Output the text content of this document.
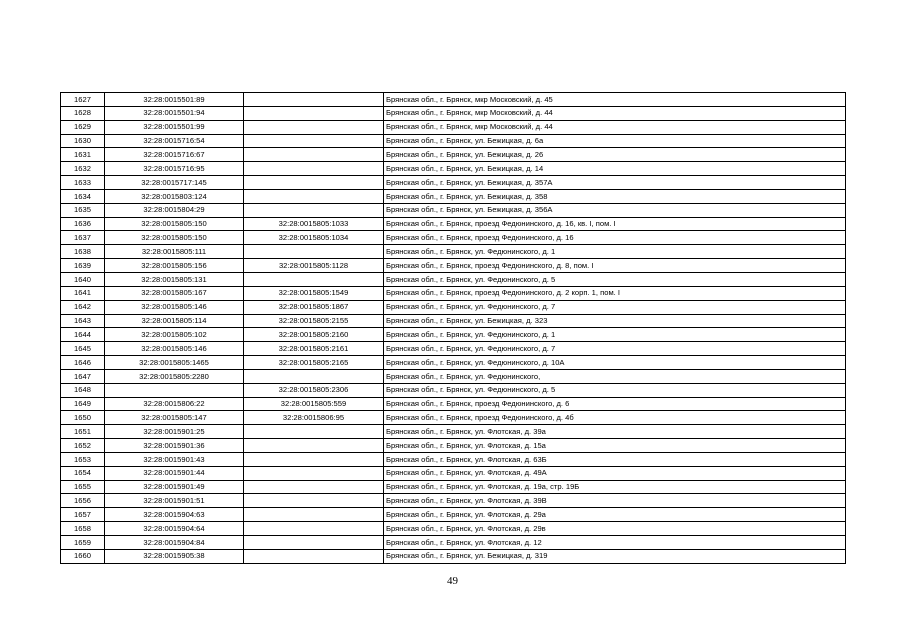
1627	32:28:0015501:89		Брянская обл., г. Брянск, мкр Московский, д. 45
1628	32:28:0015501:94		Брянская обл., г. Брянск, мкр Московский, д. 44
1629	32:28:0015501:99		Брянская обл., г. Брянск, мкр Московский, д. 44
1630	32:28:0015716:54		Брянская обл., г. Брянск, ул. Бежицкая, д. 6а
1631	32:28:0015716:67		Брянская обл., г. Брянск, ул. Бежицкая, д. 26
1632	32:28:0015716:95		Брянская обл., г. Брянск, ул. Бежицкая, д. 14
1633	32:28:0015717:145		Брянская обл., г. Брянск, ул. Бежицкая, д. 357А
1634	32:28:0015803:124		Брянская обл., г. Брянск, ул. Бежицкая, д. 358
1635	32:28:0015804:29		Брянская обл., г. Брянск, ул. Бежицкая, д. 356А
1636	32:28:0015805:150	32:28:0015805:1033	Брянская обл., г. Брянск, проезд Федюнинского, д. 16, кв. I, пом. I
1637	32:28:0015805:150	32:28:0015805:1034	Брянская обл., г. Брянск, проезд Федюнинского, д. 16
1638	32:28:0015805:111		Брянская обл., г. Брянск, ул. Федюнинского, д. 1
1639	32:28:0015805:156	32:28:0015805:1128	Брянская обл., г. Брянск, проезд Федюнинского, д. 8, пом. I
1640	32:28:0015805:131		Брянская обл., г. Брянск, ул. Федюнинского, д. 5
1641	32:28:0015805:167	32:28:0015805:1549	Брянская обл., г. Брянск, проезд Федюнинского, д. 2 корп. 1, пом. I
1642	32:28:0015805:146	32:28:0015805:1867	Брянская обл., г. Брянск, ул. Федюнинского, д. 7
1643	32:28:0015805:114	32:28:0015805:2155	Брянская обл., г. Брянск, ул. Бежицкая, д. 323
1644	32:28:0015805:102	32:28:0015805:2160	Брянская обл., г. Брянск, ул. Федюнинского, д. 1
1645	32:28:0015805:146	32:28:0015805:2161	Брянская обл., г. Брянск, ул. Федюнинского, д. 7
1646	32:28:0015805:1465	32:28:0015805:2165	Брянская обл., г. Брянск, ул. Федюнинского, д. 10А
1647	32:28:0015805:2280		Брянская обл., г. Брянск, ул. Федюнинского,
1648		32:28:0015805:2306	Брянская обл., г. Брянск, ул. Федюнинского, д. 5
1649	32:28:0015806:22	32:28:0015805:559	Брянская обл., г. Брянск, проезд Федюнинского, д. 6
1650	32:28:0015805:147	32:28:0015806:95	Брянская обл., г. Брянск, проезд Федюнинского, д. 4б
1651	32:28:0015901:25		Брянская обл., г. Брянск, ул. Флотская, д. 39а
1652	32:28:0015901:36		Брянская обл., г. Брянск, ул. Флотская, д. 15а
1653	32:28:0015901:43		Брянская обл., г. Брянск, ул. Флотская, д. 63Б
1654	32:28:0015901:44		Брянская обл., г. Брянск, ул. Флотская, д. 49А
1655	32:28:0015901:49		Брянская обл., г. Брянск, ул. Флотская, д. 19а, стр. 19Б
1656	32:28:0015901:51		Брянская обл., г. Брянск, ул. Флотская, д. 39В
1657	32:28:0015904:63		Брянская обл., г. Брянск, ул. Флотская, д. 29а
1658	32:28:0015904:64		Брянская обл., г. Брянск, ул. Флотская, д. 29в
1659	32:28:0015904:84		Брянская обл., г. Брянск, ул. Флотская, д. 12
1660	32:28:0015905:38		Брянская обл., г. Брянск, ул. Бежицкая, д. 319
49
